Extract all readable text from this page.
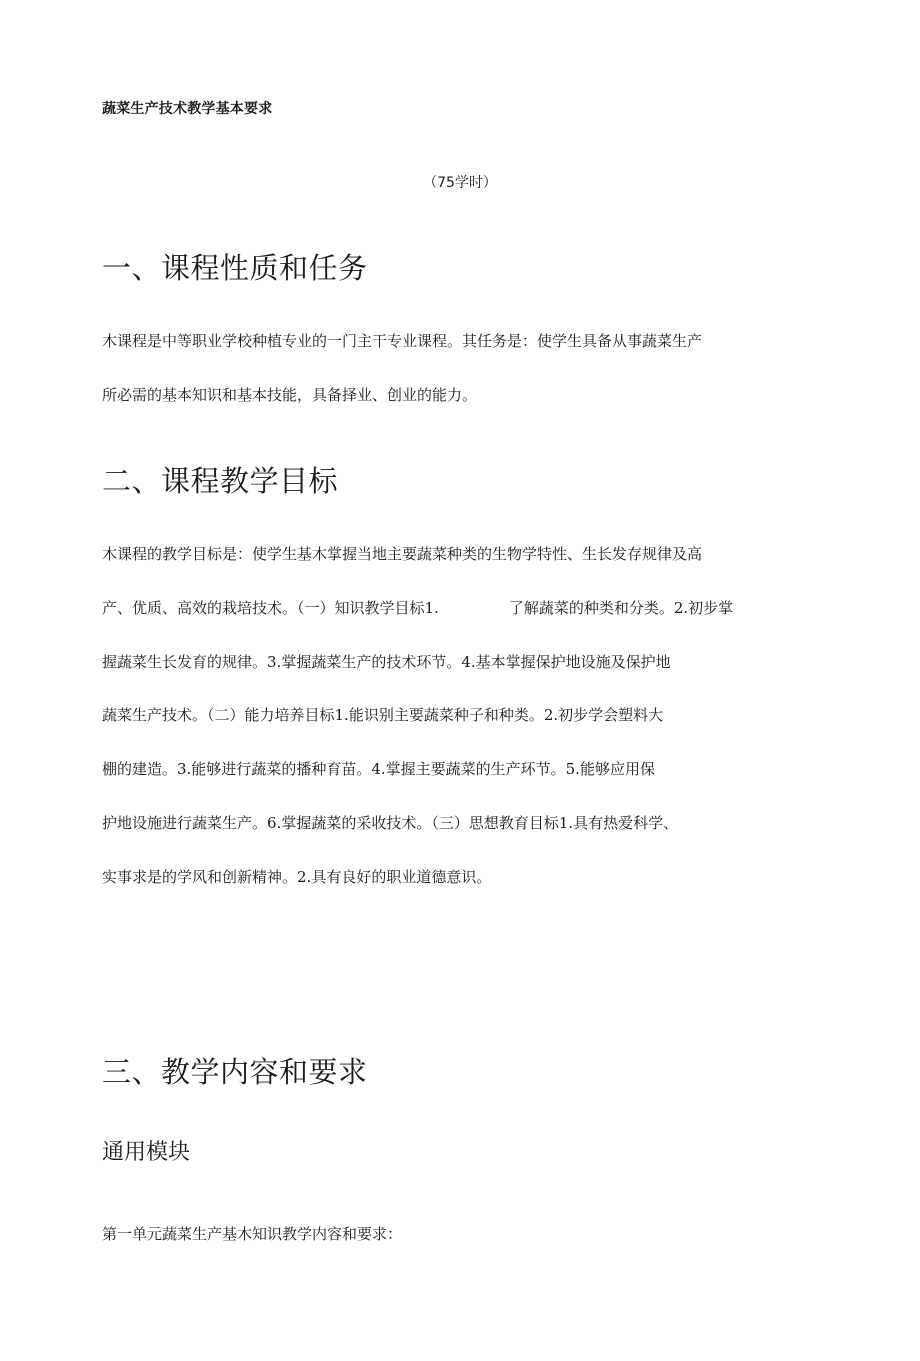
蔬菜生产技术教学基本要求
（75学时）
一、课程性质和任务

木课程是中等职业学校种植专业的一门主干专业课程。其任务是：使学生具备从事蔬菜生产

所必需的基本知识和基本技能，具备择业、创业的能力。

二、课程教学目标

木课程的教学目标是：使学生基木掌握当地主要蔬菜种类的生物学特性、生长发存规律及高

产、优质、高效的栽培技术。（一）知识教学目标1.	了解蔬菜的种类和分类。2.初步掌

握蔬菜生长发育的规律。3.掌握蔬菜生产的技术环节。4.基本掌握保护地设施及保护地

蔬菜生产技术。（二）能力培养目标1.能识别主要蔬菜种子和种类。2.初步学会塑料大

棚的建造。3.能够进行蔬菜的播种育苗。4.掌握主要蔬菜的生产环节。5.能够应用保

护地设施进行蔬菜生产。6.掌握蔬菜的采收技术。（三）思想教育目标1.具有热爱科学、

实事求是的学风和创新精神。2.具有良好的职业道德意识。

三、教学内容和要求
通用模块

第一单元蔬菜生产基木知识教学内容和要求：
